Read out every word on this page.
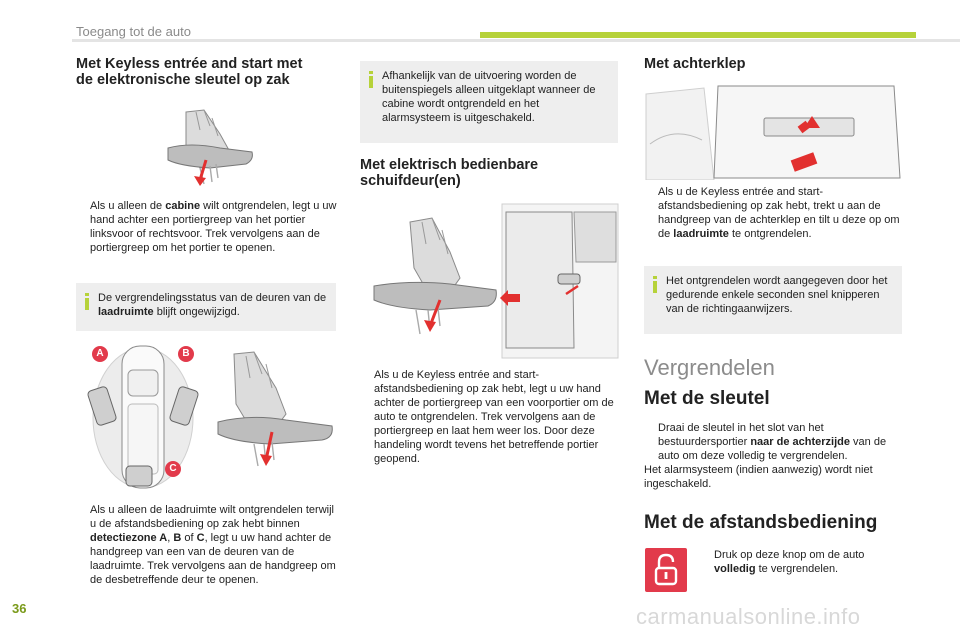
Toegang tot de auto
Met Keyless entrée and start met
de elektronische sleutel op zak
Als u alleen de cabine wilt ontgrendelen, legt u uw hand achter een portiergreep van het portier linksvoor of rechtsvoor. Trek vervolgens aan de portiergreep om het portier te openen.
De vergrendelingsstatus van de deuren van de laadruimte blijft ongewijzigd.
A	B
C
Als u alleen de laadruimte wilt ontgrendelen terwijl u de afstandsbediening op zak hebt binnen detectiezone A, B of C, legt u uw hand achter de handgreep van een van de deuren van de laadruimte. Trek vervolgens aan de handgreep om de desbetreffende deur te openen.
Afhankelijk van de uitvoering worden de buitenspiegels alleen uitgeklapt wanneer de cabine wordt ontgrendeld en het alarmsysteem is uitgeschakeld.
Met elektrisch bedienbare
schuifdeur(en)
Als u de Keyless entrée and start-afstandsbediening op zak hebt, legt u uw hand achter de portiergreep van een voorportier om de auto te ontgrendelen. Trek vervolgens aan de portiergreep en laat hem weer los. Door deze handeling wordt tevens het betreffende portier geopend.
Met achterklep
Als u de Keyless entrée and start-afstandsbediening op zak hebt, trekt u aan de handgreep van de achterklep en tilt u deze op om de laadruimte te ontgrendelen.
Het ontgrendelen wordt aangegeven door het gedurende enkele seconden snel knipperen van de richtingaanwijzers.
Vergrendelen
Met de sleutel
Draai de sleutel in het slot van het bestuurdersportier naar de achterzijde van de auto om deze volledig te vergrendelen.
Het alarmsysteem (indien aanwezig) wordt niet ingeschakeld.
Met de afstandsbediening
Druk op deze knop om de auto volledig te vergrendelen.
36	carmanualsonline.info
